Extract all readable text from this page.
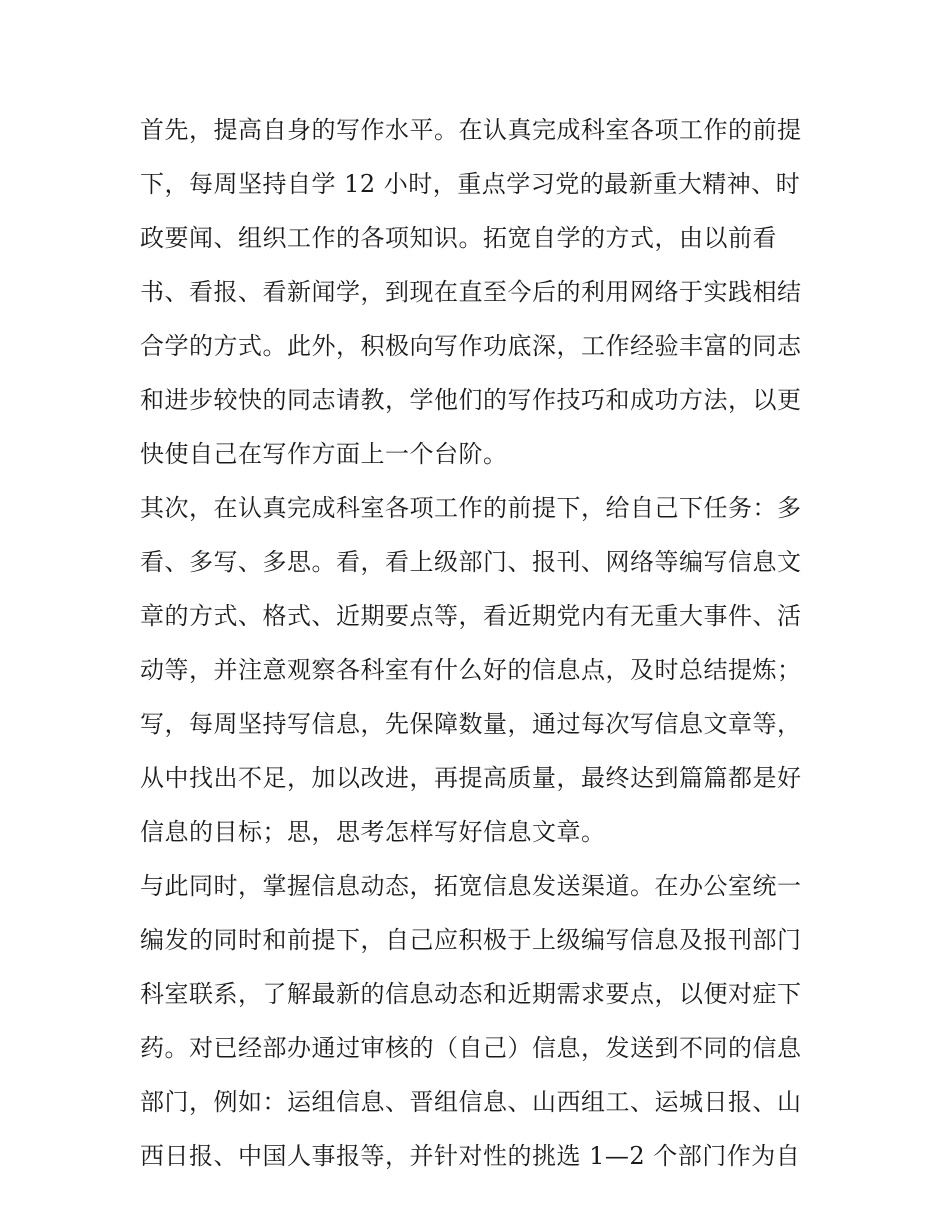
首先，提高自身的写作水平。在认真完成科室各项工作的前提
下，每周坚持自学 12 小时，重点学习党的最新重大精神、时
政要闻、组织工作的各项知识。拓宽自学的方式，由以前看
书、看报、看新闻学，到现在直至今后的利用网络于实践相结
合学的方式。此外，积极向写作功底深，工作经验丰富的同志
和进步较快的同志请教，学他们的写作技巧和成功方法，以更
快使自己在写作方面上一个台阶。
其次，在认真完成科室各项工作的前提下，给自己下任务：多
看、多写、多思。看，看上级部门、报刊、网络等编写信息文
章的方式、格式、近期要点等，看近期党内有无重大事件、活
动等，并注意观察各科室有什么好的信息点，及时总结提炼；
写，每周坚持写信息，先保障数量，通过每次写信息文章等，
从中找出不足，加以改进，再提高质量，最终达到篇篇都是好
信息的目标；思，思考怎样写好信息文章。
与此同时，掌握信息动态，拓宽信息发送渠道。在办公室统一
编发的同时和前提下，自己应积极于上级编写信息及报刊部门
科室联系，了解最新的信息动态和近期需求要点，以便对症下
药。对已经部办通过审核的（自己）信息，发送到不同的信息
部门，例如：运组信息、晋组信息、山西组工、运城日报、山
西日报、中国人事报等，并针对性的挑选 1—2 个部门作为自
